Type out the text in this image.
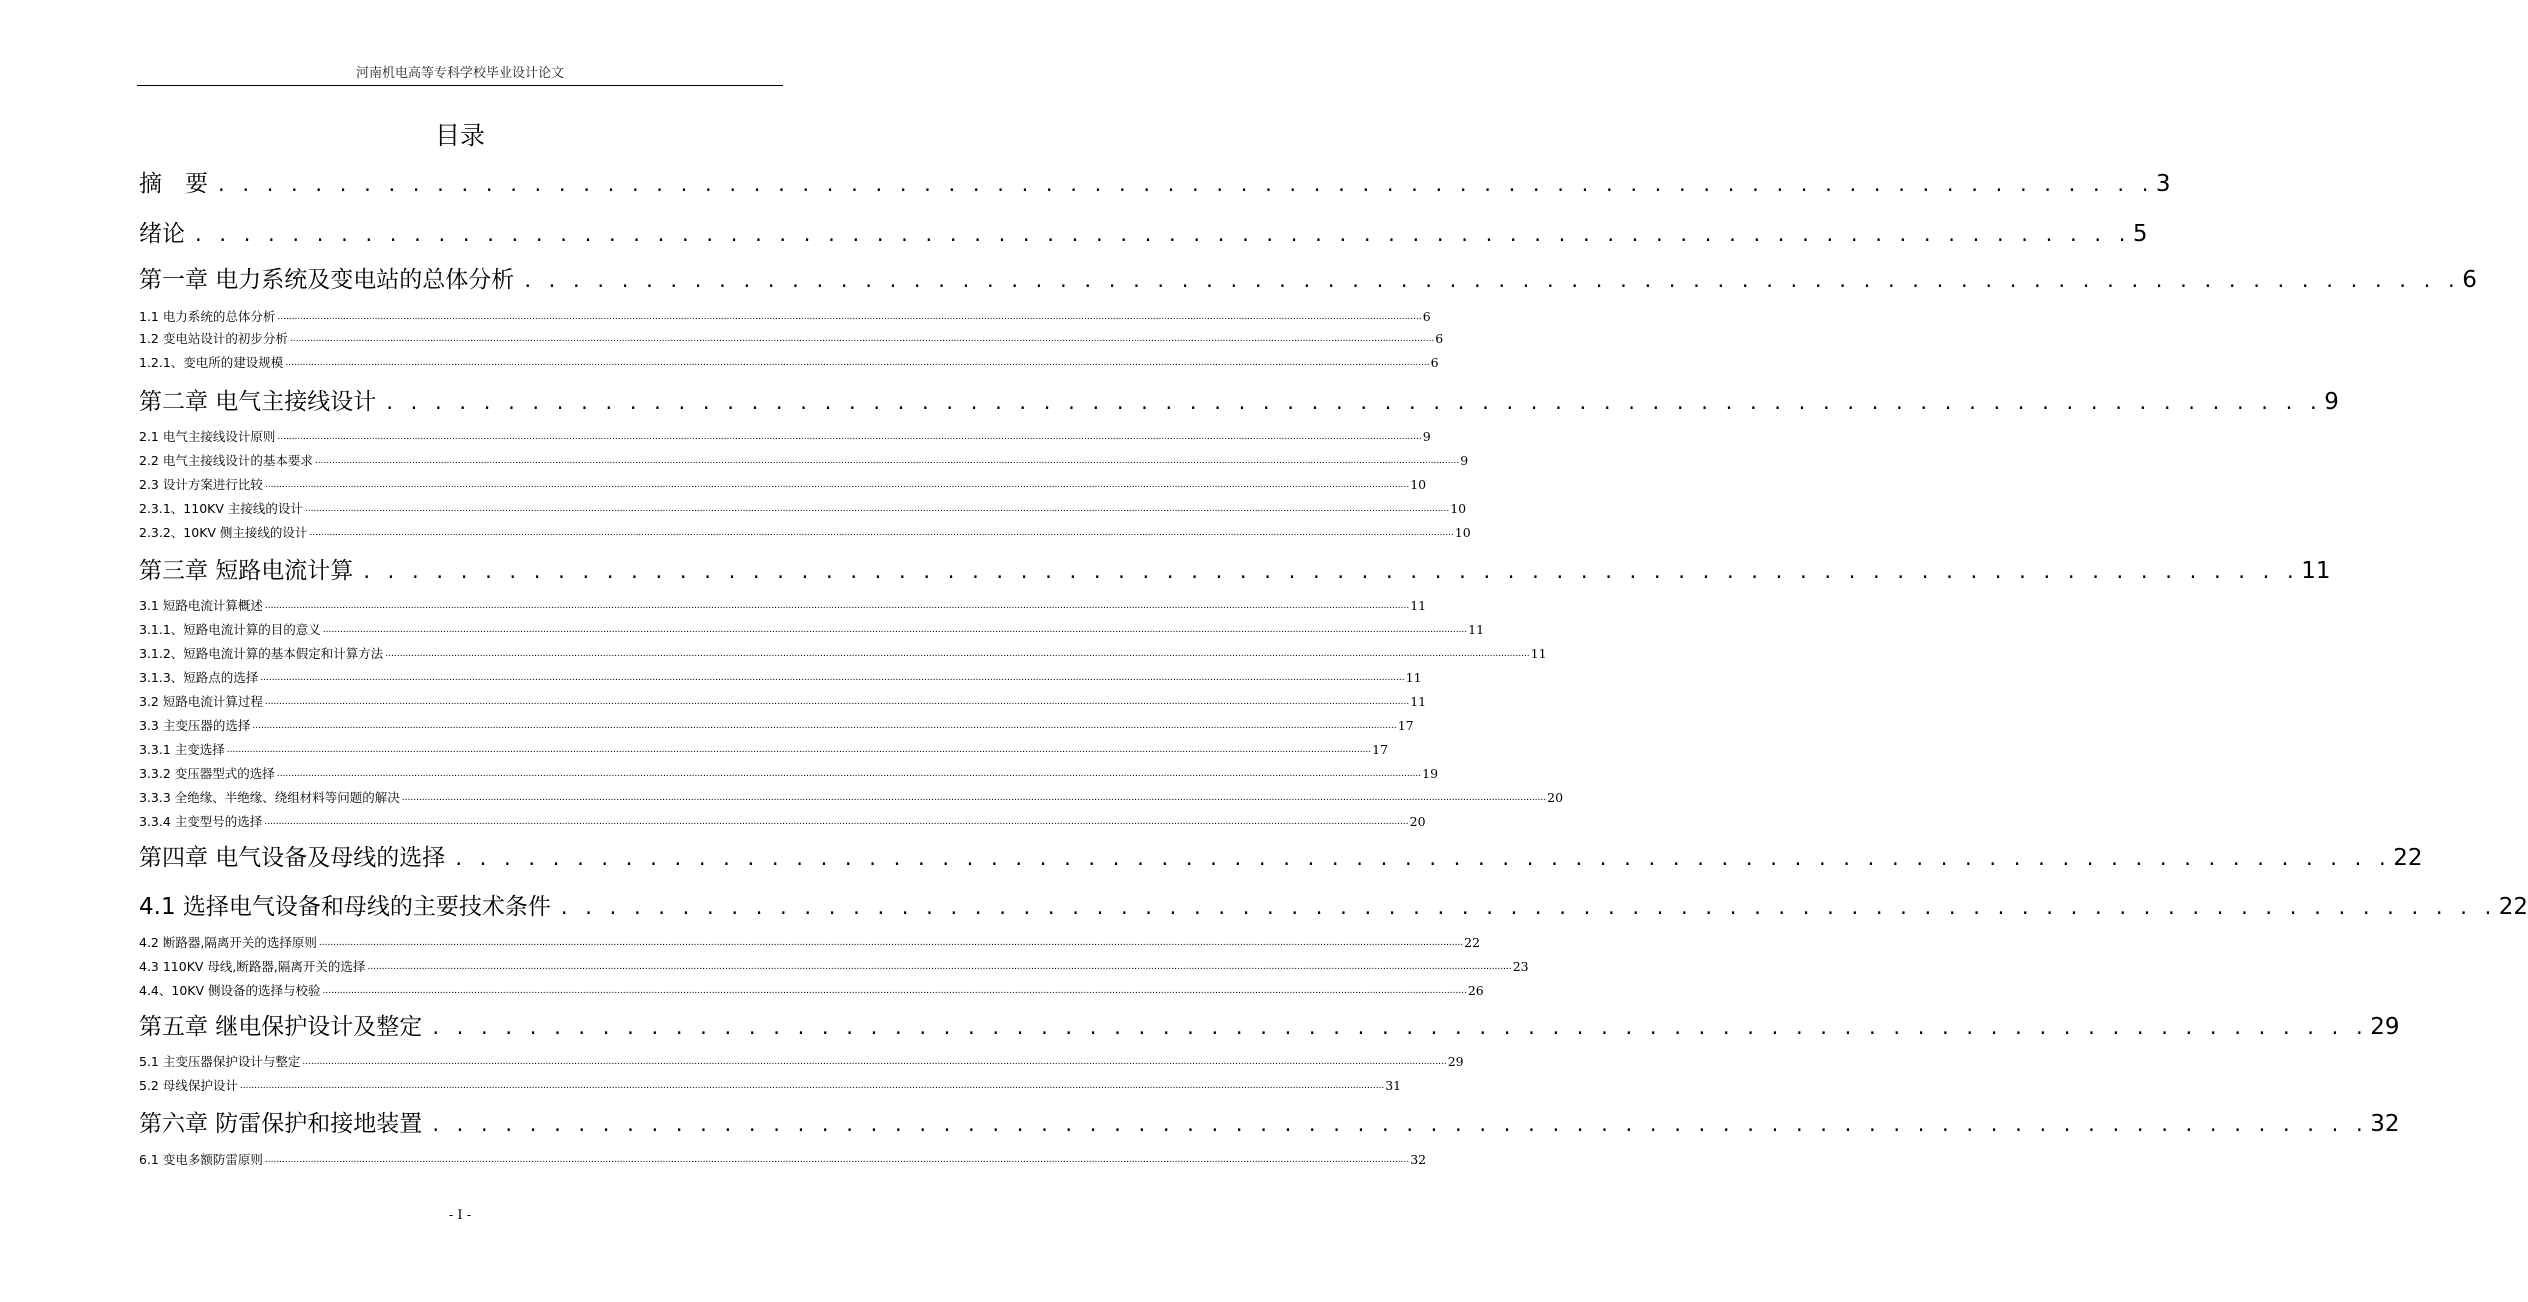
河南机电高等专科学校毕业设计论文
目录
摘　要 . . . . . . . . . . . . . . . . . . . . . . . . . . . . . . . . . . . . . . . . . . . . . . . . . . . . . . . . . . . . . . . . . . . . . . . . . . . . . . . . 3
绪论 . . . . . . . . . . . . . . . . . . . . . . . . . . . . . . . . . . . . . . . . . . . . . . . . . . . . . . . . . . . . . . . . . . . . . . . . . . . . . . . . 5
第一章 电力系统及变电站的总体分析 . . . . . . . . . . . . . . . . . . . . . . . . . . . . . . . . . . . . . . . . . . . . . . . . . . . . . . . . . . . . . . . . . . . . . . . . . . . . . . . . 6
1.1 电力系统的总体分析 ................................................................................................................................................................................................................................................................................................................................................................................................................ 6
1.2 变电站设计的初步分析 ................................................................................................................................................................................................................................................................................................................................................................................................................ 6
1.2.1、变电所的建设规模 ................................................................................................................................................................................................................................................................................................................................................................................................................ 6
第二章 电气主接线设计 . . . . . . . . . . . . . . . . . . . . . . . . . . . . . . . . . . . . . . . . . . . . . . . . . . . . . . . . . . . . . . . . . . . . . . . . . . . . . . . . 9
2.1 电气主接线设计原则 ................................................................................................................................................................................................................................................................................................................................................................................................................ 9
2.2 电气主接线设计的基本要求 ................................................................................................................................................................................................................................................................................................................................................................................................................ 9
2.3 设计方案进行比较 ................................................................................................................................................................................................................................................................................................................................................................................................................ 10
2.3.1、110KV 主接线的设计 ................................................................................................................................................................................................................................................................................................................................................................................................................ 10
2.3.2、10KV 侧主接线的设计 ................................................................................................................................................................................................................................................................................................................................................................................................................ 10
第三章 短路电流计算 . . . . . . . . . . . . . . . . . . . . . . . . . . . . . . . . . . . . . . . . . . . . . . . . . . . . . . . . . . . . . . . . . . . . . . . . . . . . . . . . 11
3.1 短路电流计算概述 ................................................................................................................................................................................................................................................................................................................................................................................................................ 11
3.1.1、短路电流计算的目的意义 ................................................................................................................................................................................................................................................................................................................................................................................................................ 11
3.1.2、短路电流计算的基本假定和计算方法 ................................................................................................................................................................................................................................................................................................................................................................................................................ 11
3.1.3、短路点的选择 ................................................................................................................................................................................................................................................................................................................................................................................................................ 11
3.2 短路电流计算过程 ................................................................................................................................................................................................................................................................................................................................................................................................................ 11
3.3 主变压器的选择 ................................................................................................................................................................................................................................................................................................................................................................................................................ 17
3.3.1 主变选择 ................................................................................................................................................................................................................................................................................................................................................................................................................ 17
3.3.2 变压器型式的选择 ................................................................................................................................................................................................................................................................................................................................................................................................................ 19
3.3.3 全绝缘、半绝缘、绕组材料等问题的解决 ................................................................................................................................................................................................................................................................................................................................................................................................................ 20
3.3.4 主变型号的选择 ................................................................................................................................................................................................................................................................................................................................................................................................................ 20
第四章 电气设备及母线的选择 . . . . . . . . . . . . . . . . . . . . . . . . . . . . . . . . . . . . . . . . . . . . . . . . . . . . . . . . . . . . . . . . . . . . . . . . . . . . . . . . 22
4.1 选择电气设备和母线的主要技术条件 . . . . . . . . . . . . . . . . . . . . . . . . . . . . . . . . . . . . . . . . . . . . . . . . . . . . . . . . . . . . . . . . . . . . . . . . . . . . . . . . 22
4.2 断路器,隔离开关的选择原则 ................................................................................................................................................................................................................................................................................................................................................................................................................ 22
4.3 110KV 母线,断路器,隔离开关的选择 ................................................................................................................................................................................................................................................................................................................................................................................................................ 23
4.4、10KV 侧设备的选择与校验 ................................................................................................................................................................................................................................................................................................................................................................................................................ 26
第五章 继电保护设计及整定 . . . . . . . . . . . . . . . . . . . . . . . . . . . . . . . . . . . . . . . . . . . . . . . . . . . . . . . . . . . . . . . . . . . . . . . . . . . . . . . . 29
5.1 主变压器保护设计与整定 ................................................................................................................................................................................................................................................................................................................................................................................................................ 29
5.2 母线保护设计 ................................................................................................................................................................................................................................................................................................................................................................................................................ 31
第六章 防雷保护和接地装置 . . . . . . . . . . . . . . . . . . . . . . . . . . . . . . . . . . . . . . . . . . . . . . . . . . . . . . . . . . . . . . . . . . . . . . . . . . . . . . . . 32
6.1 变电多额防雷原则 ................................................................................................................................................................................................................................................................................................................................................................................................................ 32
- I -
